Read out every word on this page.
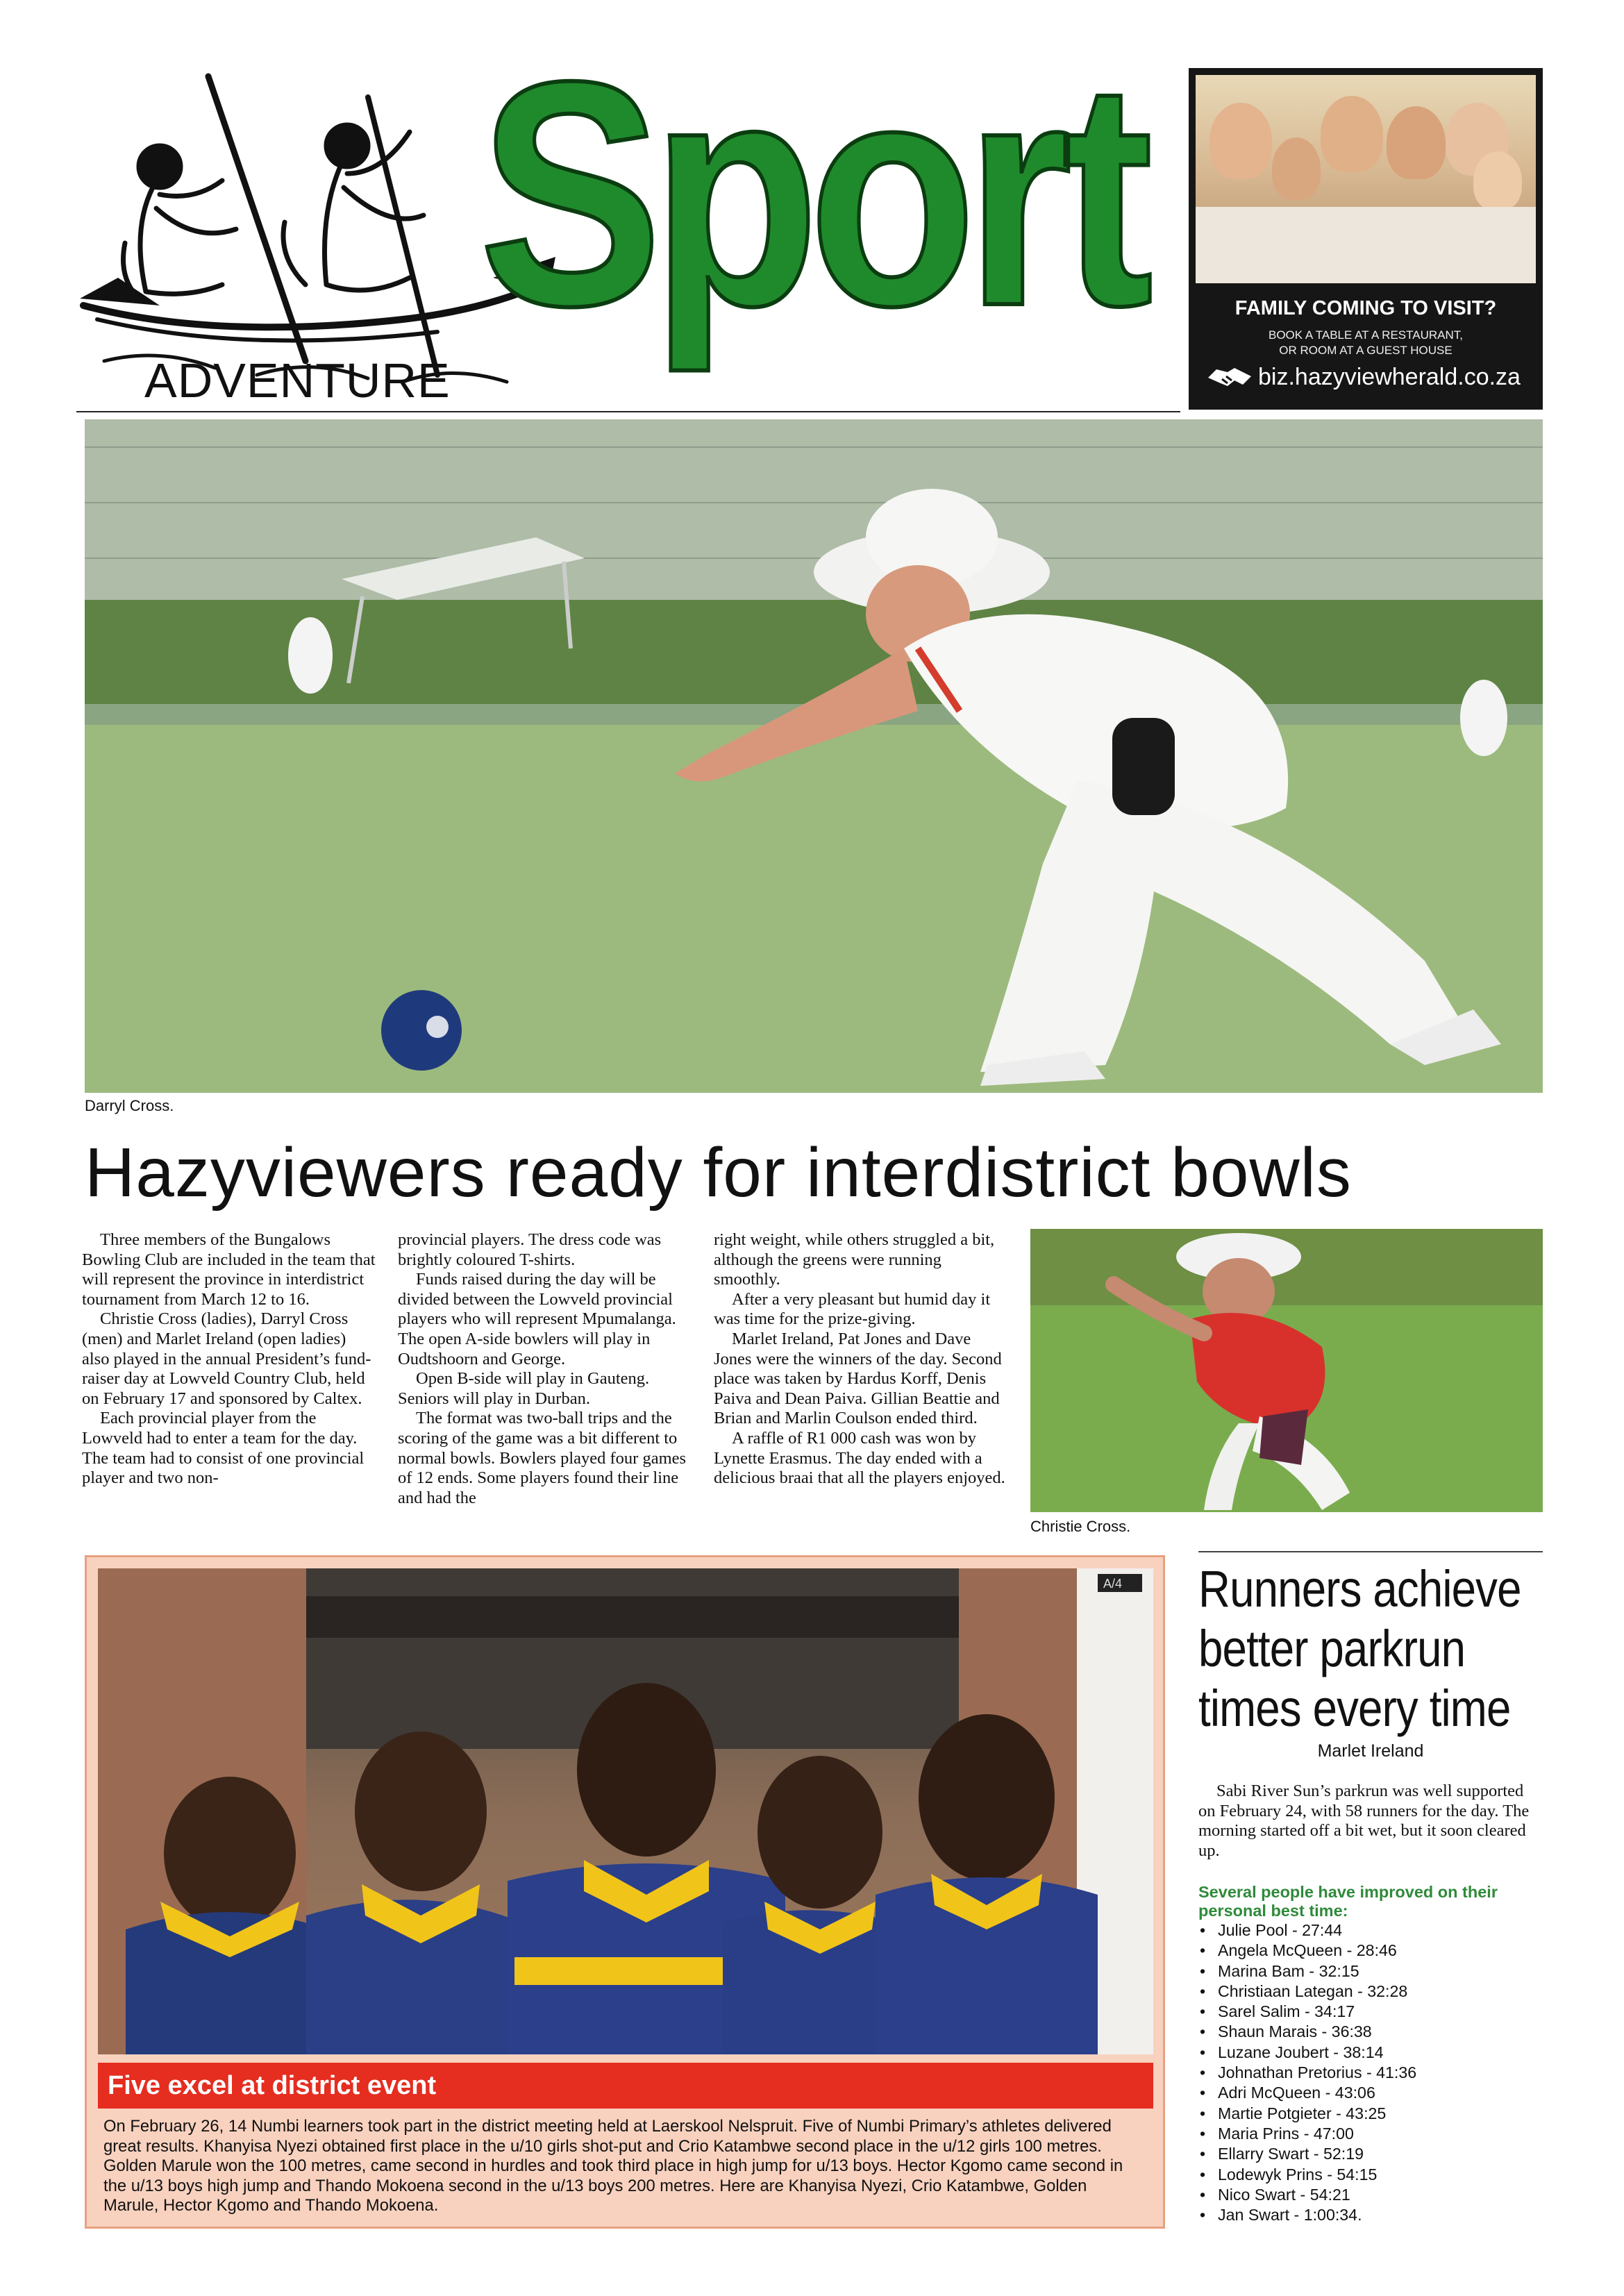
Sport
ADVENTURE
FAMILY COMING TO VISIT?
BOOK A TABLE AT A RESTAURANT,
OR ROOM AT A GUEST HOUSE
biz.hazyviewherald.co.za
Darryl Cross.
Hazyviewers ready for interdistrict bowls

Three members of the Bungalows Bowling Club are included in the team that will represent the province in interdistrict tournament from March 12 to 16.

Christie Cross (ladies), Darryl Cross (men) and Marlet Ireland (open ladies) also played in the annual President’s fund-raiser day at Lowveld Country Club, held on February 17 and sponsored by Caltex.

Each provincial player from the Lowveld had to enter a team for the day. The team had to consist of one provincial player and two non-

provincial players. The dress code was brightly coloured T-shirts.

Funds raised during the day will be divided between the Lowveld provincial players who will represent Mpumalanga. The open A-side bowlers will play in Oudtshoorn and George.

Open B-side will play in Gauteng. Seniors will play in Durban.

The format was two-ball trips and the scoring of the game was a bit different to normal bowls. Bowlers played four games of 12 ends. Some players found their line and had the

right weight, while others struggled a bit, although the greens were running smoothly.

After a very pleasant but humid day it was time for the prize-giving.

Marlet Ireland, Pat Jones and Dave Jones were the winners of the day. Second place was taken by Hardus Korff, Denis Paiva and Dean Paiva. Gillian Beattie and Brian and Marlin Coulson ended third.

A raffle of R1 000 cash was won by Lynette Erasmus. The day ended with a delicious braai that all the players enjoyed.

Christie Cross.
A/4
Five excel at district event
On February 26, 14 Numbi learners took part in the district meeting held at Laerskool Nelspruit. Five of Numbi Primary’s athletes delivered great results. Khanyisa Nyezi obtained first place in the u/10 girls shot-put and Crio Katambwe second place in the u/12 girls 100 metres. Golden Marule won the 100 metres, came second in hurdles and took third place in high jump for u/13 boys. Hector Kgomo came second in the u/13 boys high jump and Thando Mokoena second in the u/13 boys 200 metres. Here are Khanyisa Nyezi, Crio Katambwe, Golden Marule, Hector Kgomo and Thando Mokoena.
Runners achieve
better parkrun
times every time
Marlet Ireland
Sabi River Sun’s parkrun was well supported on February 24, with 58 runners for the day. The morning started off a bit wet, but it soon cleared up.
Several people have improved on their personal best time:
• Julie Pool - 27:44
• Angela McQueen - 28:46
• Marina Bam - 32:15
• Christiaan Lategan - 32:28
• Sarel Salim - 34:17
• Shaun Marais - 36:38
• Luzane Joubert - 38:14
• Johnathan Pretorius - 41:36
• Adri McQueen - 43:06
• Martie Potgieter - 43:25
• Maria Prins - 47:00
• Ellarry Swart - 52:19
• Lodewyk Prins - 54:15
• Nico Swart - 54:21
• Jan Swart - 1:00:34.
